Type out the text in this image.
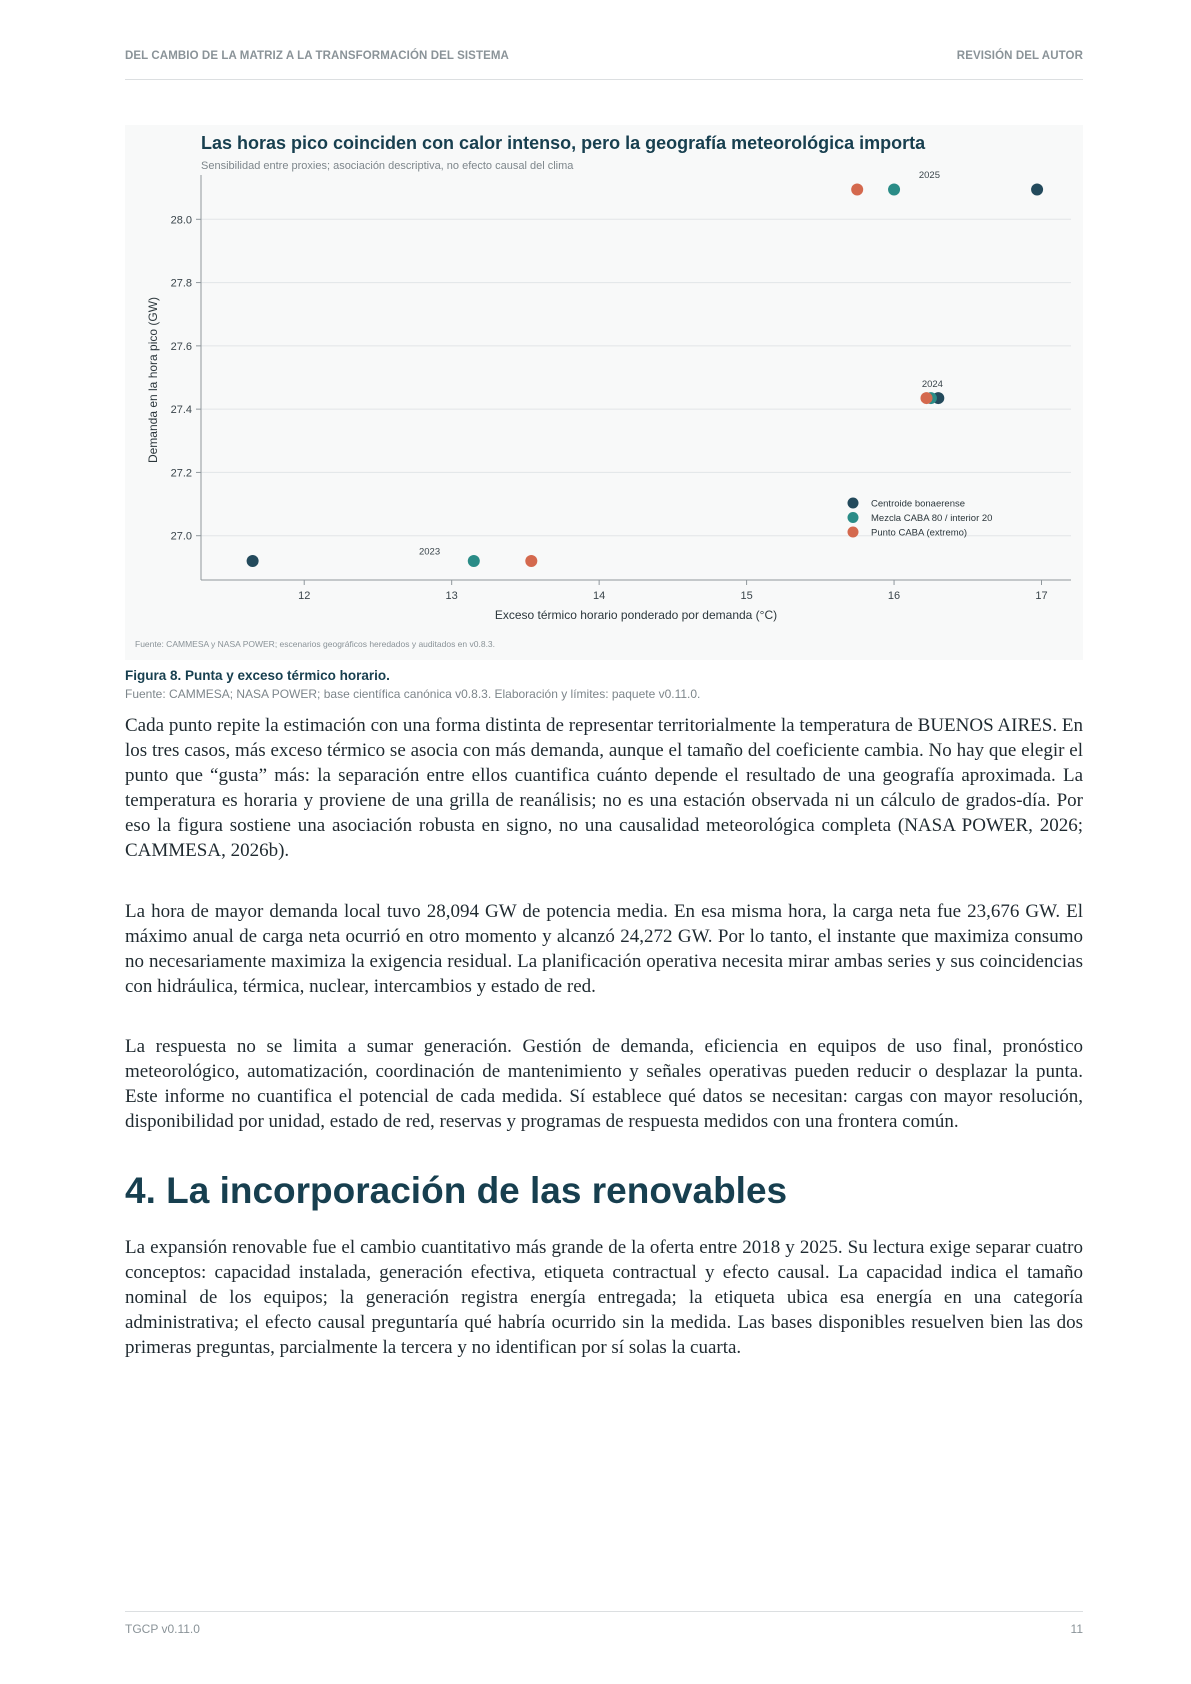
DEL CAMBIO DE LA MATRIZ A LA TRANSFORMACIÓN DEL SISTEMA	REVISIÓN DEL AUTOR
Las horas pico coinciden con calor intenso, pero la geografía meteorológica importa
Sensibilidad entre proxies; asociación descriptiva, no efecto causal del clima
27.0
27.2
27.4
27.6
27.8
28.0
12	13	14	15	16	17
Exceso térmico horario ponderado por demanda (°C)
Demanda en la hora pico (GW)
2025
2024
2023
Centroide bonaerense
Mezcla CABA 80 / interior 20
Punto CABA (extremo)
Fuente: CAMMESA y NASA POWER; escenarios geográficos heredados y auditados en v0.8.3.
Figura 8. Punta y exceso térmico horario.
Fuente: CAMMESA; NASA POWER; base científica canónica v0.8.3. Elaboración y límites: paquete v0.11.0.

Cada punto repite la estimación con una forma distinta de representar territorialmente la temperatura de BUENOS AIRES. En los tres casos, más exceso térmico se asocia con más demanda, aunque el tamaño del coeficiente cambia. No hay que elegir el punto que “gusta” más: la separación entre ellos cuantifica cuánto depende el resultado de una geografía aproximada. La temperatura es horaria y proviene de una grilla de reanálisis; no es una estación observada ni un cálculo de grados-día. Por eso la figura sostiene una asociación robusta en signo, no una causalidad meteorológica completa (NASA POWER, 2026; CAMMESA, 2026b).

La hora de mayor demanda local tuvo 28,094 GW de potencia media. En esa misma hora, la carga neta fue 23,676 GW. El máximo anual de carga neta ocurrió en otro momento y alcanzó 24,272 GW. Por lo tanto, el instante que maximiza consumo no necesariamente maximiza la exigencia residual. La planificación operativa necesita mirar ambas series y sus coincidencias con hidráulica, térmica, nuclear, intercambios y estado de red.

La respuesta no se limita a sumar generación. Gestión de demanda, eficiencia en equipos de uso final, pronóstico meteorológico, automatización, coordinación de mantenimiento y señales operativas pueden reducir o desplazar la punta. Este informe no cuantifica el potencial de cada medida. Sí establece qué datos se necesitan: cargas con mayor resolución, disponibilidad por unidad, estado de red, reservas y programas de respuesta medidos con una frontera común.

4. La incorporación de las renovables

La expansión renovable fue el cambio cuantitativo más grande de la oferta entre 2018 y 2025. Su lectura exige separar cuatro conceptos: capacidad instalada, generación efectiva, etiqueta contractual y efecto causal. La capacidad indica el tamaño nominal de los equipos; la generación registra energía entregada; la etiqueta ubica esa energía en una categoría administrativa; el efecto causal preguntaría qué habría ocurrido sin la medida. Las bases disponibles resuelven bien las dos primeras preguntas, parcialmente la tercera y no identifican por sí solas la cuarta.

TGCP v0.11.0	11
